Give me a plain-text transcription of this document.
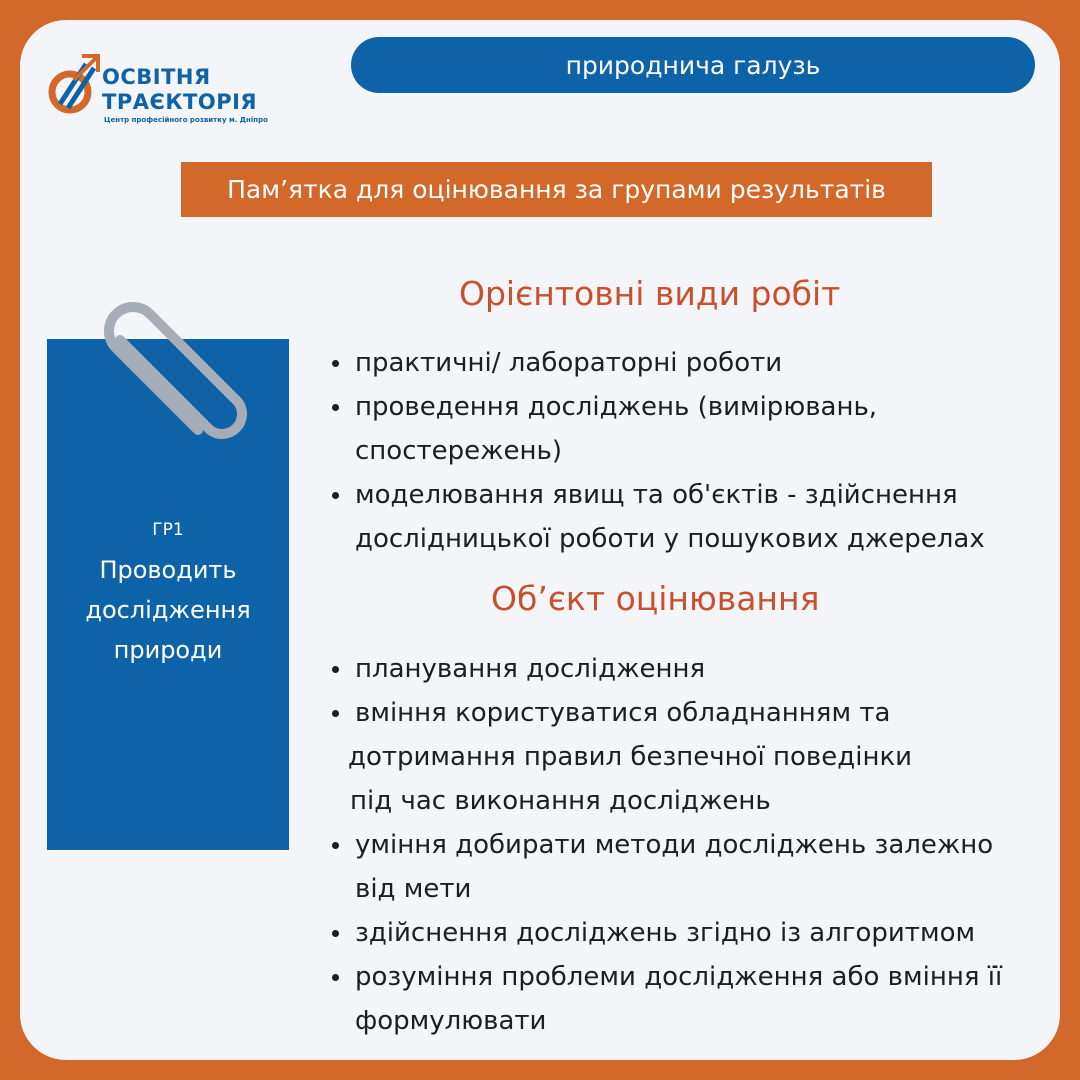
ОСВІТНЯ
ТРАЄКТОРІЯ
Центр професійного розвитку м. Дніпро
природнича галузь
Пам’ятка для оцінювання за групами результатів
ГР1
Проводить
дослідження
природи
Орієнтовні види робіт
практичні/ лабораторні роботи
проведення досліджень (вимірювань,
спостережень)
моделювання явищ та об'єктів - здійснення
дослідницької роботи у пошукових джерелах
Об’єкт оцінювання
планування дослідження
вміння користуватися обладнанням та
дотримання правил безпечної поведінки
під час виконання досліджень
уміння добирати методи досліджень залежно
від мети
здійснення досліджень згідно із алгоритмом
розуміння проблеми дослідження або вміння її
формулювати
